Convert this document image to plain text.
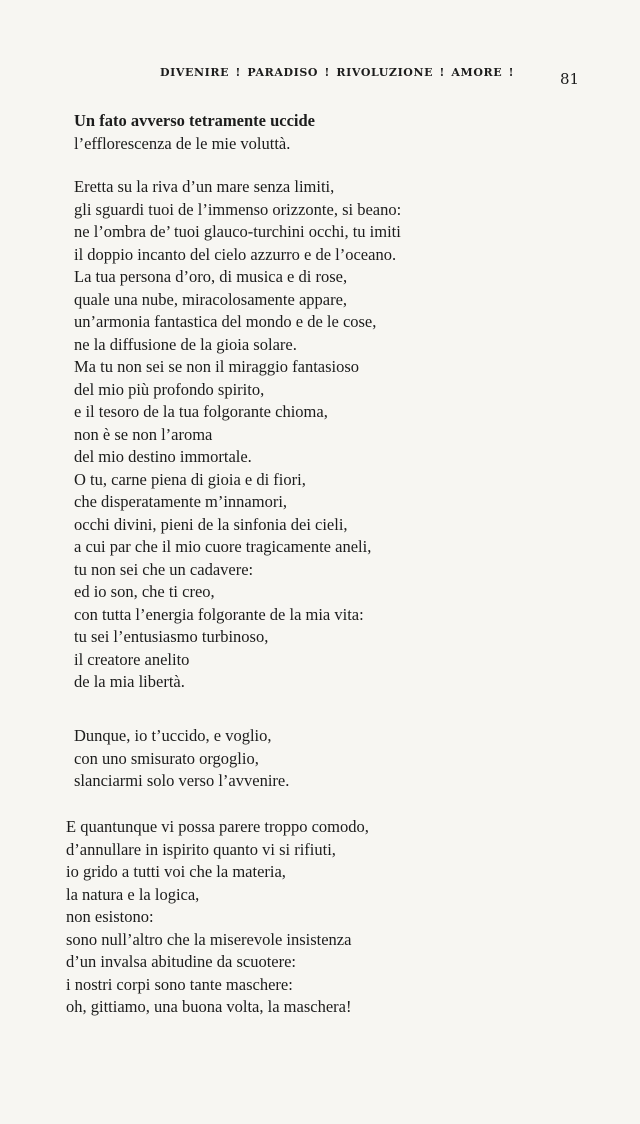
DIVENIRE ! PARADISO ! RIVOLUZIONE ! AMORE !	81
Un fato avverso tetramente uccide
l’efflorescenza de le mie voluttà.
Eretta su la riva d’un mare senza limiti,
gli sguardi tuoi de l’immenso orizzonte, si beano:
ne l’ombra de’ tuoi glauco-turchini occhi, tu imiti
il doppio incanto del cielo azzurro e de l’oceano.
La tua persona d’oro, di musica e di rose,
quale una nube, miracolosamente appare,
un’armonia fantastica del mondo e de le cose,
ne la diffusione de la gioia solare.
Ma tu non sei se non il miraggio fantasioso
del mio più profondo spirito,
e il tesoro de la tua folgorante chioma,
non è se non l’aroma
del mio destino immortale.
O tu, carne piena di gioia e di fiori,
che disperatamente m’innamori,
occhi divini, pieni de la sinfonia dei cieli,
a cui par che il mio cuore tragicamente aneli,
tu non sei che un cadavere:
ed io son, che ti creo,
con tutta l’energia folgorante de la mia vita:
tu sei l’entusiasmo turbinoso,
il creatore anelito
de la mia libertà.
Dunque, io t’uccido, e voglio,
con uno smisurato orgoglio,
slanciarmi solo verso l’avvenire.
E quantunque vi possa parere troppo comodo,
d’annullare in ispirito quanto vi si rifiuti,
io grido a tutti voi che la materia,
la natura e la logica,
non esistono:
sono null’altro che la miserevole insistenza
d’un invalsa abitudine da scuotere:
i nostri corpi sono tante maschere:
oh, gittiamo, una buona volta, la maschera!
